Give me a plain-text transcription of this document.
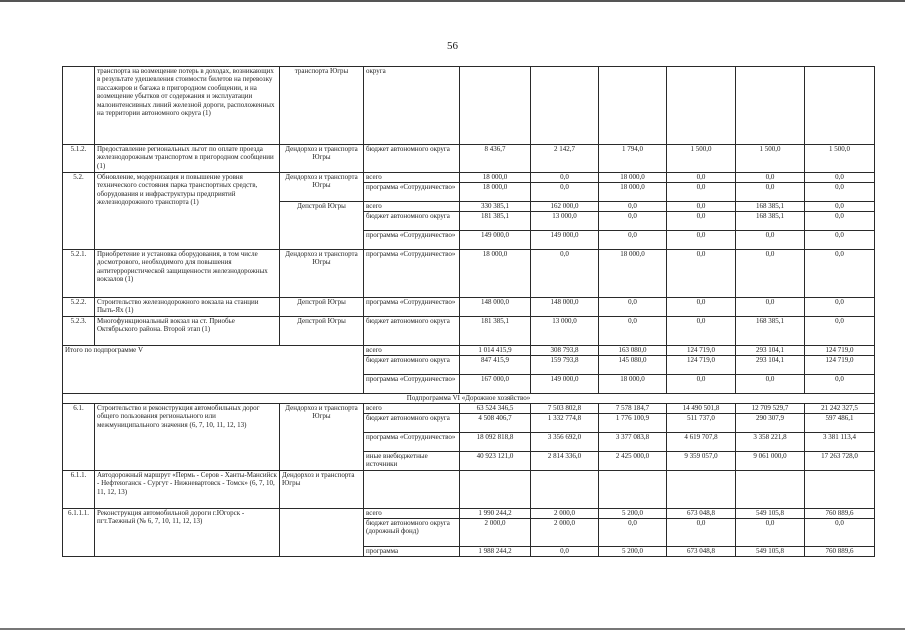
56
	транспорта на возмещение потерь в доходах, возникающих в результате удешевления стоимости билетов на перевозку пассажиров и багажа в пригородном сообщении, и на возмещение убытков от содержания и эксплуатации малоинтенсивных линий железной дороги, расположенных на территории автономного округа (1)	транспорта Югры	округа						
5.1.2.	Предоставление региональных льгот по оплате проезда железнодорожным транспортом в пригородном сообщении (1)	Дендорхоз и транспорта Югры	бюджет автономного округа	8 436,7	2 142,7	1 794,0	1 500,0	1 500,0	1 500,0
5.2.	Обновление, модернизация и повышение уровня технического состояния парка транспортных средств, оборудования и инфраструктуры предприятий железнодорожного транспорта (1)	Дендорхоз и транспорта Югры	всего	18 000,0	0,0	18 000,0	0,0	0,0	0,0
			программа «Сотрудничество»	18 000,0	0,0	18 000,0	0,0	0,0	0,0
		Депстрой Югры	всего	330 385,1	162 000,0	0,0	0,0	168 385,1	0,0
			бюджет автономного округа	181 385,1	13 000,0	0,0	0,0	168 385,1	0,0
			программа «Сотрудничество»	149 000,0	149 000,0	0,0	0,0	0,0	0,0
5.2.1.	Приобретение и установка оборудования, в том числе досмотрового, необходимого для повышения антитеррористической защищенности железнодорожных вокзалов (1)	Дендорхоз и транспорта Югры	программа «Сотрудничество»	18 000,0	0,0	18 000,0	0,0	0,0	0,0
5.2.2.	Строительство железнодорожного вокзала на станции Пыть-Ях (1)	Депстрой Югры	программа «Сотрудничество»	148 000,0	148 000,0	0,0	0,0	0,0	0,0
5.2.3.	Многофункциональный вокзал на ст. Приобье Октябрьского района. Второй этап (1)	Депстрой Югры	бюджет автономного округа	181 385,1	13 000,0	0,0	0,0	168 385,1	0,0
Итого по подпрограмме V			всего	1 014 415,9	308 793,8	163 080,0	124 719,0	293 104,1	124 719,0
			бюджет автономного округа	847 415,9	159 793,8	145 080,0	124 719,0	293 104,1	124 719,0
			программа «Сотрудничество»	167 000,0	149 000,0	18 000,0	0,0	0,0	0,0
Подпрограмма VI «Дорожное хозяйство»									
6.1.	Строительство и реконструкция автомобильных дорог общего пользования регионального или межмуниципального значения (6, 7, 10, 11, 12, 13)	Дендорхоз и транспорта Югры	всего	63 524 346,5	7 503 802,8	7 578 184,7	14 490 501,8	12 709 529,7	21 242 327,5
			бюджет автономного округа	4 508 406,7	1 332 774,8	1 776 100,9	511 737,0	290 307,9	597 486,1
			программа «Сотрудничество»	18 092 818,8	3 356 692,0	3 377 083,8	4 619 707,8	3 358 221,8	3 381 113,4
			иные внебюджетные источники	40 923 121,0	2 814 336,0	2 425 000,0	9 359 057,0	9 061 000,0	17 263 728,0
6.1.1.	Автодорожный маршрут «Пермь - Серов - Ханты-Мансийск - Нефтеюганск - Сургут - Нижневартовск - Томск» (6, 7, 10, 11, 12, 13)	Дендорхоз и транспорта Югры							
6.1.1.1.	Реконструкция автомобильной дороги г.Югорск - пгт.Таежный (№ 6, 7, 10, 11, 12, 13)		всего	1 990 244,2	2 000,0	5 200,0	673 048,8	549 105,8	760 889,6
			бюджет автономного округа (дорожный фонд)	2 000,0	2 000,0	0,0	0,0	0,0	0,0
			программа	1 988 244,2	0,0	5 200,0	673 048,8	549 105,8	760 889,6
